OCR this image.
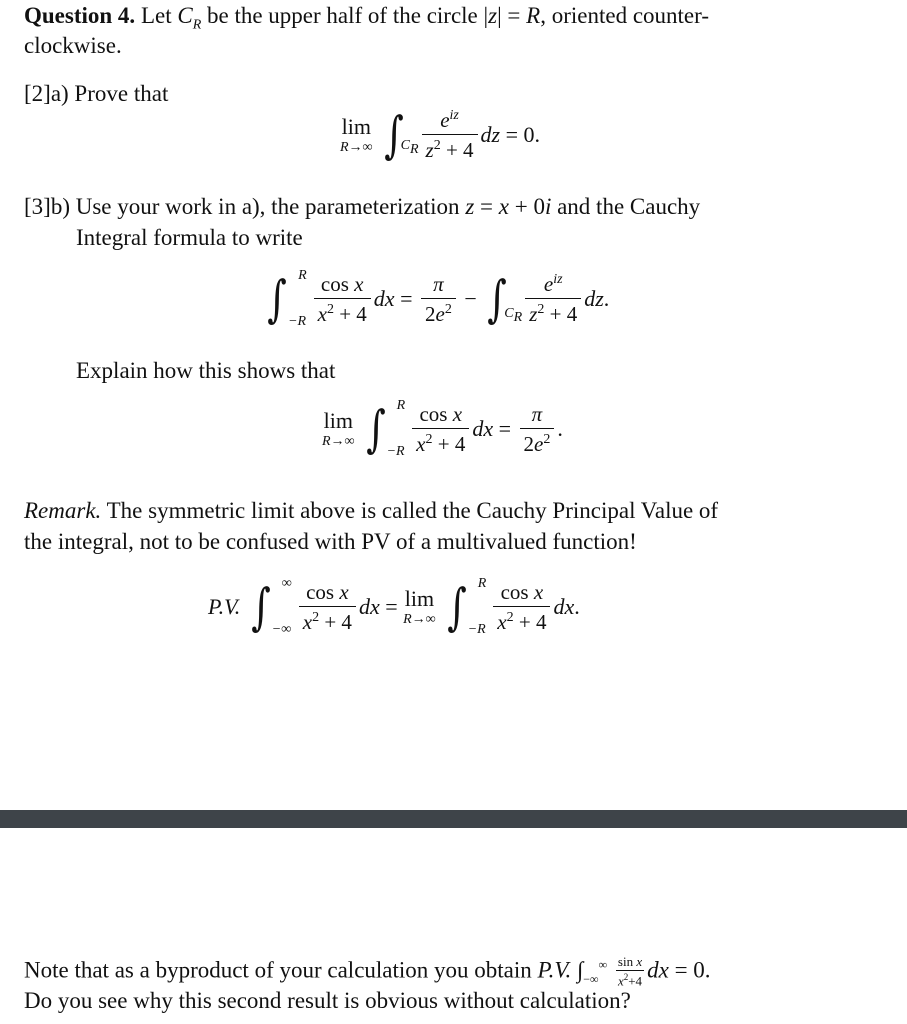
Question 4. Let $C_R$ be the upper half of the circle |z| = R, oriented counter-
clockwise.
[2]a) Prove that
lim
R→∞ ∫
$C_R \frac{e^{iz}}{z^2 + 4}$ dz = 0.
[3]b) Use your work in a), the parameterization z = x + 0i and the Cauchy
Integral formula to write
∫ R
$-R \frac{\text{cos x}}{x^2 + 4}$ dx = $\frac{\pi}{2e^2}$ − ∫
$C_R \frac{e^{iz}}{z^2 + 4}$ dz .
Explain how this shows that
lim
R→∞ ∫ R
$-R \frac{\text{cos x}}{x^2 + 4}$ dx = $\frac{\pi}{2e^2}$ .
Remark. The symmetric limit above is called the Cauchy Principal Value of
the integral, not to be confused with PV of a multivalued function!
P.V.
∫ ∞
−∞ $\frac{\text{cos x}}{x^2 + 4}$ dx = lim
R→∞ ∫ R
$-R \frac{\text{cos x}}{x^2 + 4}$ dx .
Note that as a byproduct of your calculation you obtain P.V. $\int_{-\infty}^\infty \frac{\text{sin x}}{x^2+4}$ dx = 0.
Do you see why this second result is obvious without calculation?
